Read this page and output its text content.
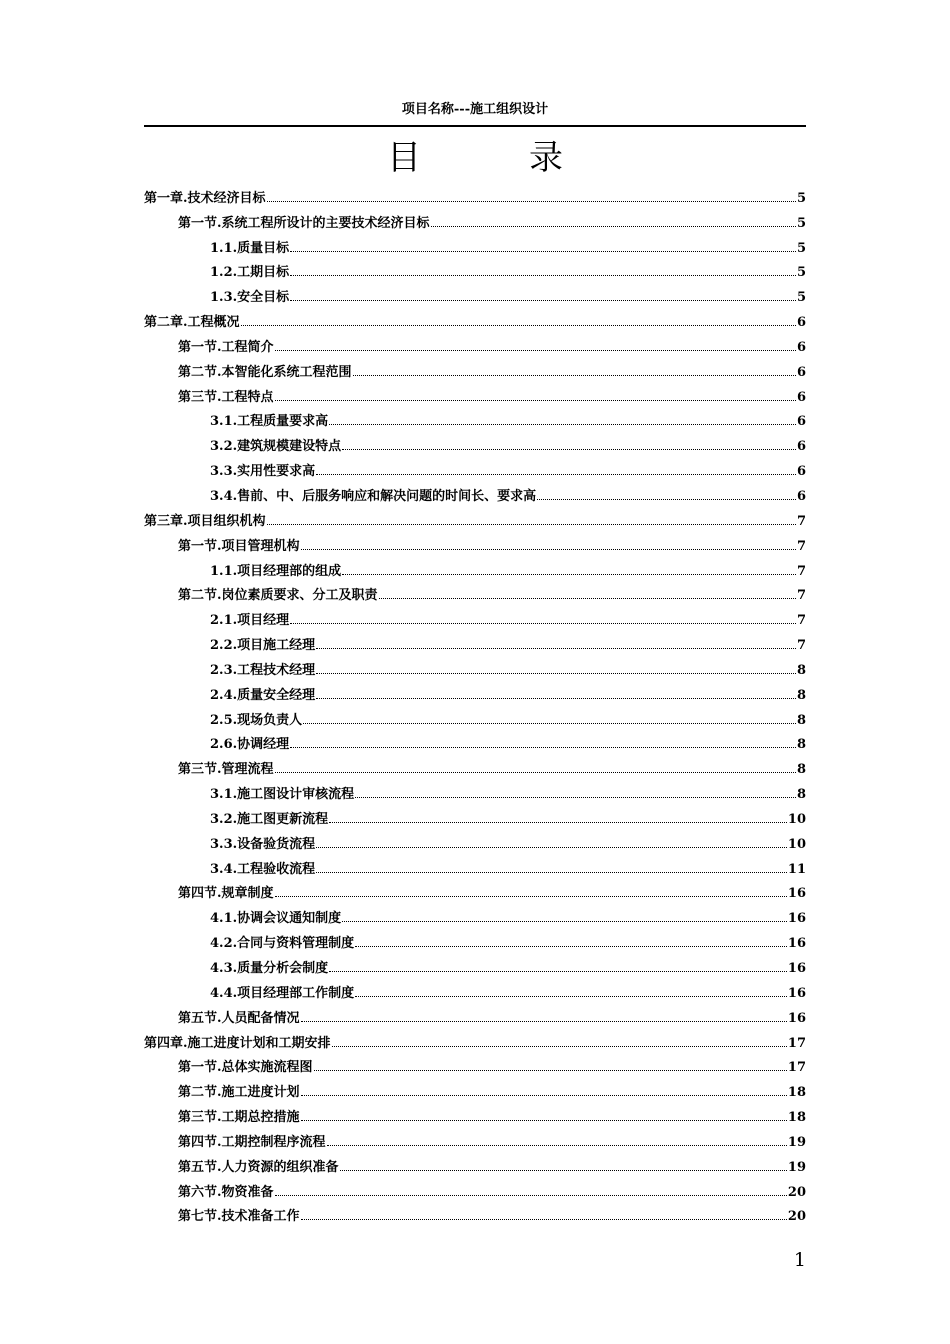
项目名称---施工组织设计
目	录
第一章. 技术经济目标	5
第一节. 系统工程所设计的主要技术经济目标	5
1.1. 质量目标	5
1.2. 工期目标	5
1.3. 安全目标	5
第二章. 工程概况	6
第一节. 工程简介	6
第二节. 本智能化系统工程范围	6
第三节. 工程特点	6
3.1. 工程质量要求高	6
3.2. 建筑规模建设特点	6
3.3. 实用性要求高	6
3.4. 售前、中、后服务响应和解决问题的时间长、要求高	6
第三章. 项目组织机构	7
第一节. 项目管理机构	7
1.1. 项目经理部的组成	7
第二节. 岗位素质要求、分工及职责	7
2.1. 项目经理	7
2.2. 项目施工经理	7
2.3. 工程技术经理	8
2.4. 质量安全经理	8
2.5. 现场负责人	8
2.6. 协调经理	8
第三节. 管理流程	8
3.1. 施工图设计审核流程	8
3.2. 施工图更新流程	10
3.3. 设备验货流程	10
3.4. 工程验收流程	11
第四节. 规章制度	16
4.1. 协调会议通知制度	16
4.2. 合同与资料管理制度	16
4.3. 质量分析会制度	16
4.4. 项目经理部工作制度	16
第五节. 人员配备情况	16
第四章. 施工进度计划和工期安排	17
第一节. 总体实施流程图	17
第二节. 施工进度计划	18
第三节. 工期总控措施	18
第四节. 工期控制程序流程	19
第五节. 人力资源的组织准备	19
第六节. 物资准备	20
第七节. 技术准备工作	20
1
